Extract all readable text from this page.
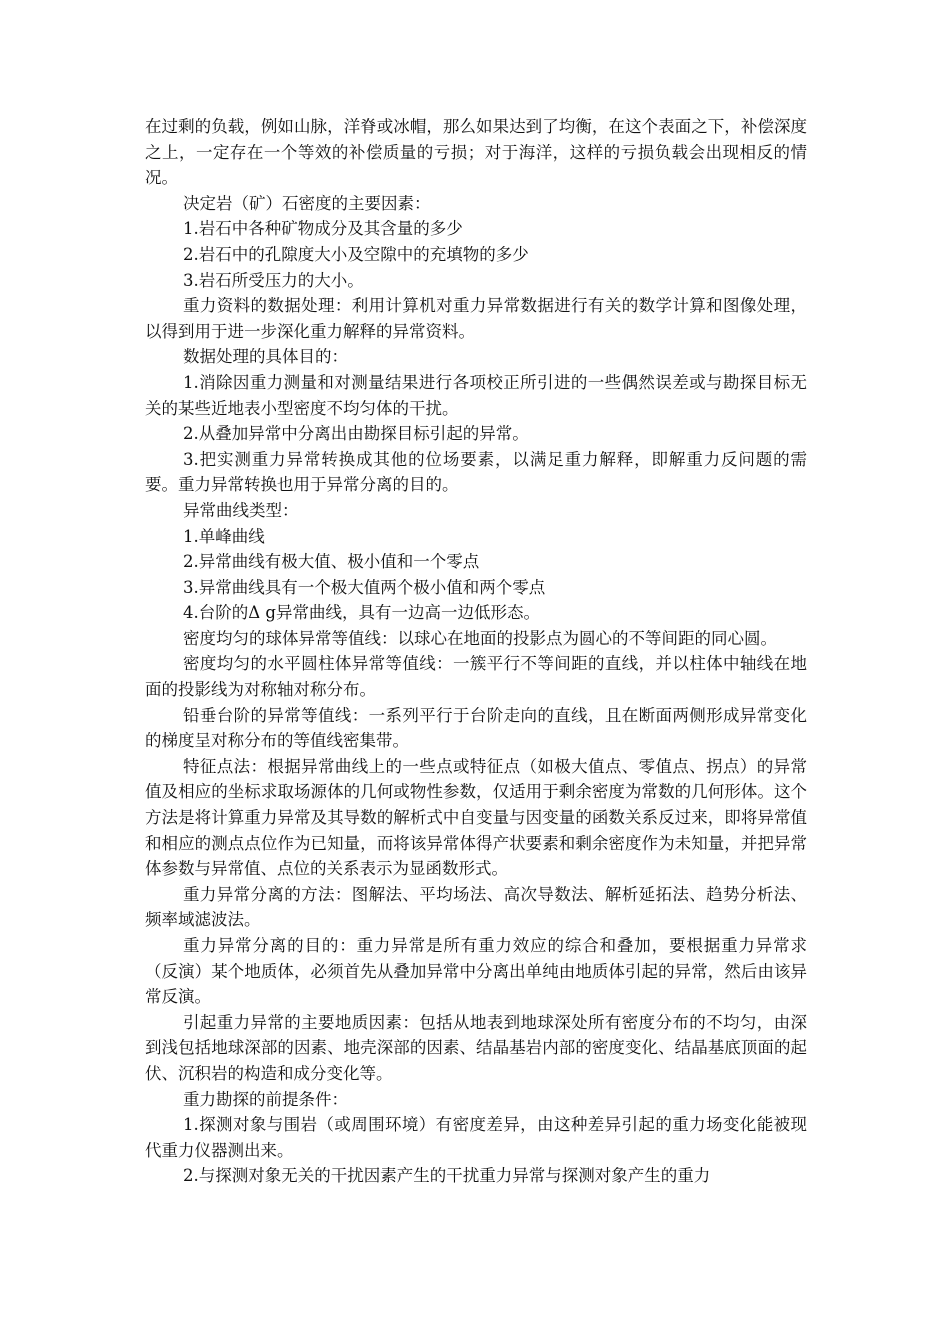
在过剩的负载，例如山脉，洋脊或冰帽，那么如果达到了均衡，在这个表面之下，补偿深度之上，一定存在一个等效的补偿质量的亏损；对于海洋，这样的亏损负载会出现相反的情况。

决定岩（矿）石密度的主要因素：

1.岩石中各种矿物成分及其含量的多少

2.岩石中的孔隙度大小及空隙中的充填物的多少

3.岩石所受压力的大小。

重力资料的数据处理：利用计算机对重力异常数据进行有关的数学计算和图像处理，以得到用于进一步深化重力解释的异常资料。

数据处理的具体目的：

1.消除因重力测量和对测量结果进行各项校正所引进的一些偶然误差或与勘探目标无关的某些近地表小型密度不均匀体的干扰。

2.从叠加异常中分离出由勘探目标引起的异常。

3.把实测重力异常转换成其他的位场要素，以满足重力解释，即解重力反问题的需要。重力异常转换也用于异常分离的目的。

异常曲线类型：

1.单峰曲线

2.异常曲线有极大值、极小值和一个零点

3.异常曲线具有一个极大值两个极小值和两个零点

4.台阶的Δ g异常曲线，具有一边高一边低形态。

密度均匀的球体异常等值线：以球心在地面的投影点为圆心的不等间距的同心圆。

密度均匀的水平圆柱体异常等值线：一簇平行不等间距的直线，并以柱体中轴线在地面的投影线为对称轴对称分布。

铅垂台阶的异常等值线：一系列平行于台阶走向的直线，且在断面两侧形成异常变化的梯度呈对称分布的等值线密集带。

特征点法：根据异常曲线上的一些点或特征点（如极大值点、零值点、拐点）的异常值及相应的坐标求取场源体的几何或物性参数，仅适用于剩余密度为常数的几何形体。这个方法是将计算重力异常及其导数的解析式中自变量与因变量的函数关系反过来，即将异常值和相应的测点点位作为已知量，而将该异常体得产状要素和剩余密度作为未知量，并把异常体参数与异常值、点位的关系表示为显函数形式。

重力异常分离的方法：图解法、平均场法、高次导数法、解析延拓法、趋势分析法、频率域滤波法。

重力异常分离的目的：重力异常是所有重力效应的综合和叠加，要根据重力异常求（反演）某个地质体，必须首先从叠加异常中分离出单纯由地质体引起的异常，然后由该异常反演。

引起重力异常的主要地质因素：包括从地表到地球深处所有密度分布的不均匀，由深到浅包括地球深部的因素、地壳深部的因素、结晶基岩内部的密度变化、结晶基底顶面的起伏、沉积岩的构造和成分变化等。

重力勘探的前提条件：

1.探测对象与围岩（或周围环境）有密度差异，由这种差异引起的重力场变化能被现代重力仪器测出来。

2.与探测对象无关的干扰因素产生的干扰重力异常与探测对象产生的重力
